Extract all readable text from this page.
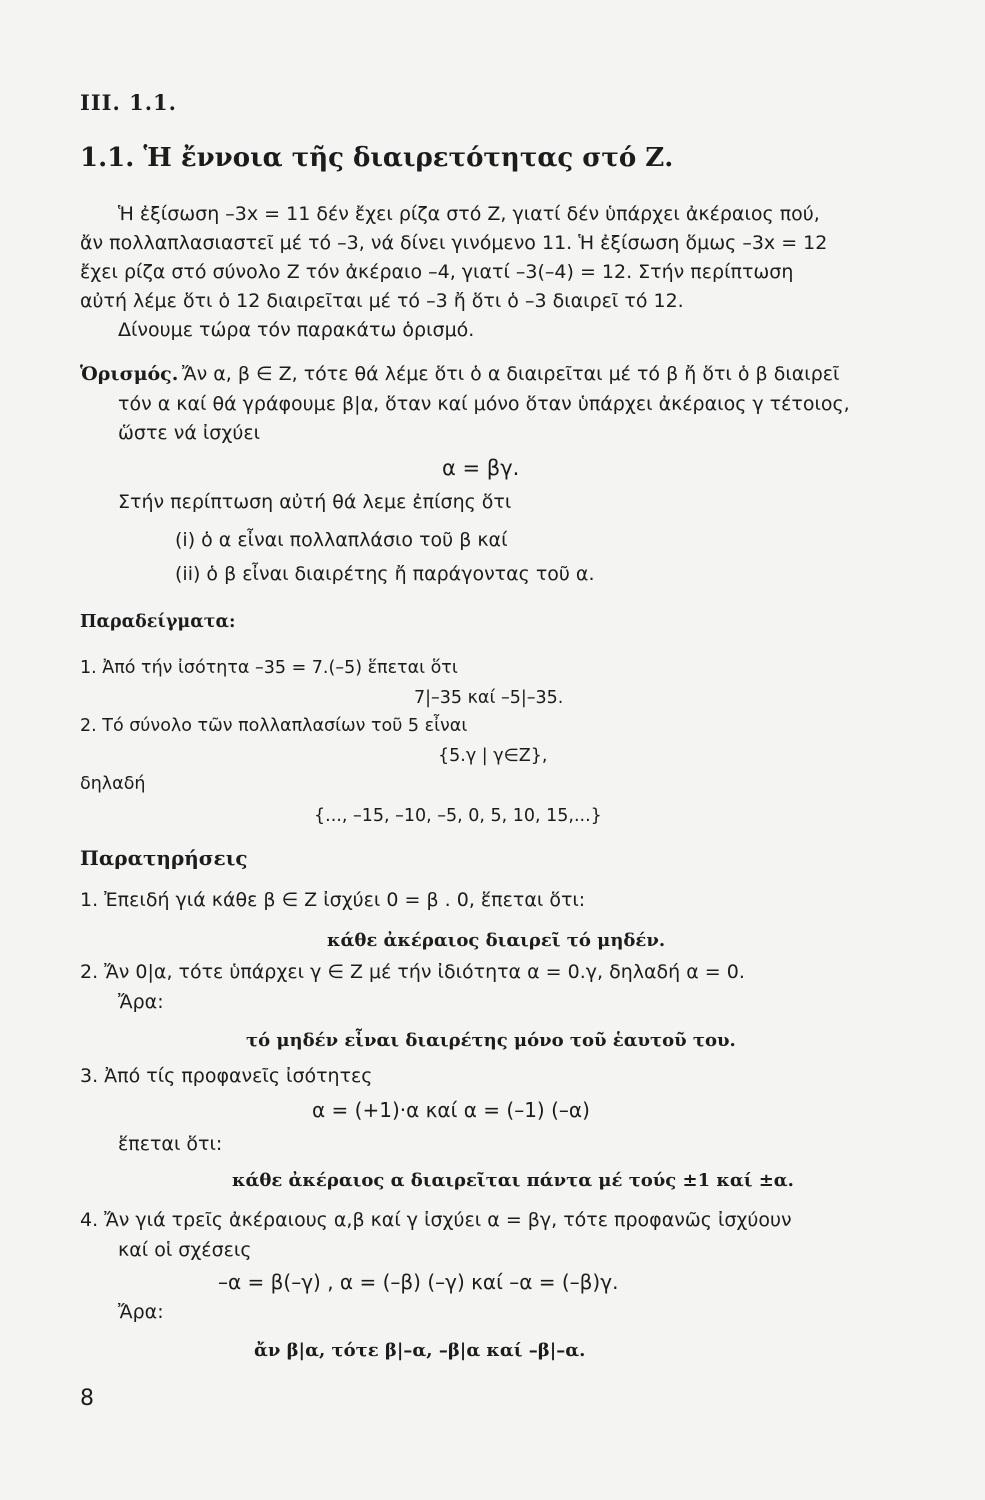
III. 1.1.
1.1. Ἡ ἔννοια τῆς διαιρετότητας στό Ζ.
Ἡ ἐξίσωση –3x = 11 δέν ἔχει ρίζα στό Z, γιατί δέν ὑπάρχει ἀκέραιος πού,
ἄν πολλαπλασιαστεῖ μέ τό –3, νά δίνει γινόμενο 11. Ἡ ἐξίσωση ὅμως –3x = 12
ἔχει ρίζα στό σύνολο Z τόν ἀκέραιο –4, γιατί –3(–4) = 12. Στήν περίπτωση
αὐτή λέμε ὅτι ὁ 12 διαιρεῖται μέ τό –3 ἤ ὅτι ὁ –3 διαιρεῖ τό 12.
Δίνουμε τώρα τόν παρακάτω ὁρισμό.
Ὁρισμός. Ἄν α, β ∈ Z, τότε θά λέμε ὅτι ὁ α διαιρεῖται μέ τό β ἤ ὅτι ὁ β διαιρεῖ
τόν α καί θά γράφουμε β|α, ὅταν καί μόνο ὅταν ὑπάρχει ἀκέραιος γ τέτοιος,
ὥστε νά ἰσχύει
α = βγ.
Στήν περίπτωση αὐτή θά λεμε ἐπίσης ὅτι
(i) ὁ α εἶναι πολλαπλάσιο τοῦ β καί
(ii) ὁ β εἶναι διαιρέτης ἤ παράγοντας τοῦ α.
Παραδείγματα:
1. Ἀπό τήν ἰσότητα –35 = 7.(–5) ἕπεται ὅτι
7|–35 καί –5|–35.
2. Τό σύνολο τῶν πολλαπλασίων τοῦ 5 εἶναι
{5.γ | γ∈Z},
δηλαδή
{..., –15, –10, –5, 0, 5, 10, 15,...}
Παρατηρήσεις
1. Ἐπειδή γιά κάθε β ∈ Z ἰσχύει 0 = β . 0, ἕπεται ὅτι:
κάθε ἀκέραιος διαιρεῖ τό μηδέν.
2. Ἄν 0|α, τότε ὑπάρχει γ ∈ Z μέ τήν ἰδιότητα α = 0.γ, δηλαδή α = 0.
Ἄρα:
τό μηδέν εἶναι διαιρέτης μόνο τοῦ ἑαυτοῦ του.
3. Ἀπό τίς προφανεῖς ἰσότητες
α = (+1)·α καί α = (–1) (–α)
ἕπεται ὅτι:
κάθε ἀκέραιος α διαιρεῖται πάντα μέ τούς ±1 καί ±α.
4. Ἄν γιά τρεῖς ἀκέραιους α,β καί γ ἰσχύει α = βγ, τότε προφανῶς ἰσχύουν
καί οἱ σχέσεις
–α = β(–γ) , α = (–β) (–γ) καί –α = (–β)γ.
Ἄρα:
ἄν β|α, τότε β|–α, –β|α καί –β|–α.
8
